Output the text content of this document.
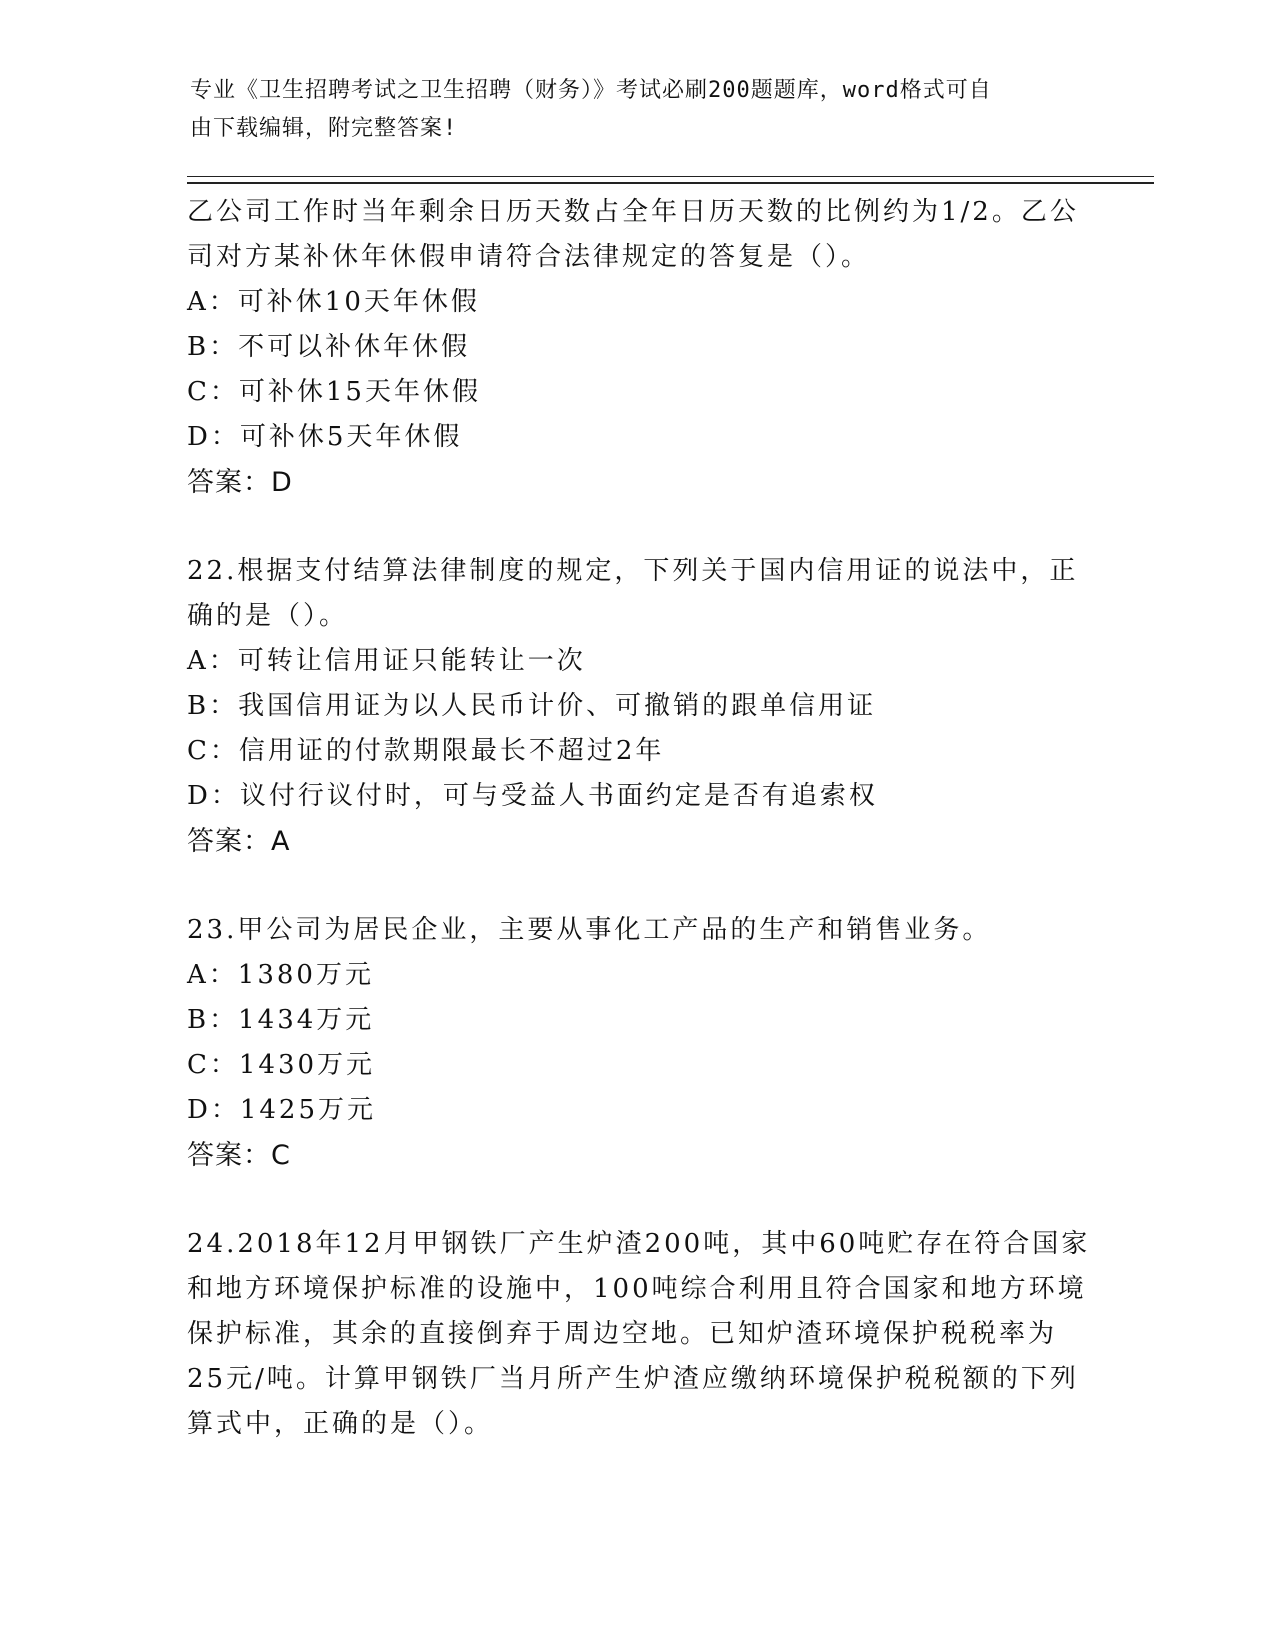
专业《卫生招聘考试之卫生招聘（财务）》考试必刷200题题库，word格式可自
由下载编辑，附完整答案!
乙公司工作时当年剩余日历天数占全年日历天数的比例约为1/2。乙公
司对方某补休年休假申请符合法律规定的答复是（）。
A：可补休10天年休假
B：不可以补休年休假
C：可补休15天年休假
D：可补休5天年休假
答案：D
22.根据支付结算法律制度的规定，下列关于国内信用证的说法中，正
确的是（）。
A：可转让信用证只能转让一次
B：我国信用证为以人民币计价、可撤销的跟单信用证
C：信用证的付款期限最长不超过2年
D：议付行议付时，可与受益人书面约定是否有追索权
答案：A
23.甲公司为居民企业，主要从事化工产品的生产和销售业务。
A：1380万元
B：1434万元
C：1430万元
D：1425万元
答案：C
24.2018年12月甲钢铁厂产生炉渣200吨，其中60吨贮存在符合国家
和地方环境保护标准的设施中，100吨综合利用且符合国家和地方环境
保护标准，其余的直接倒弃于周边空地。已知炉渣环境保护税税率为
25元/吨。计算甲钢铁厂当月所产生炉渣应缴纳环境保护税税额的下列
算式中，正确的是（）。
